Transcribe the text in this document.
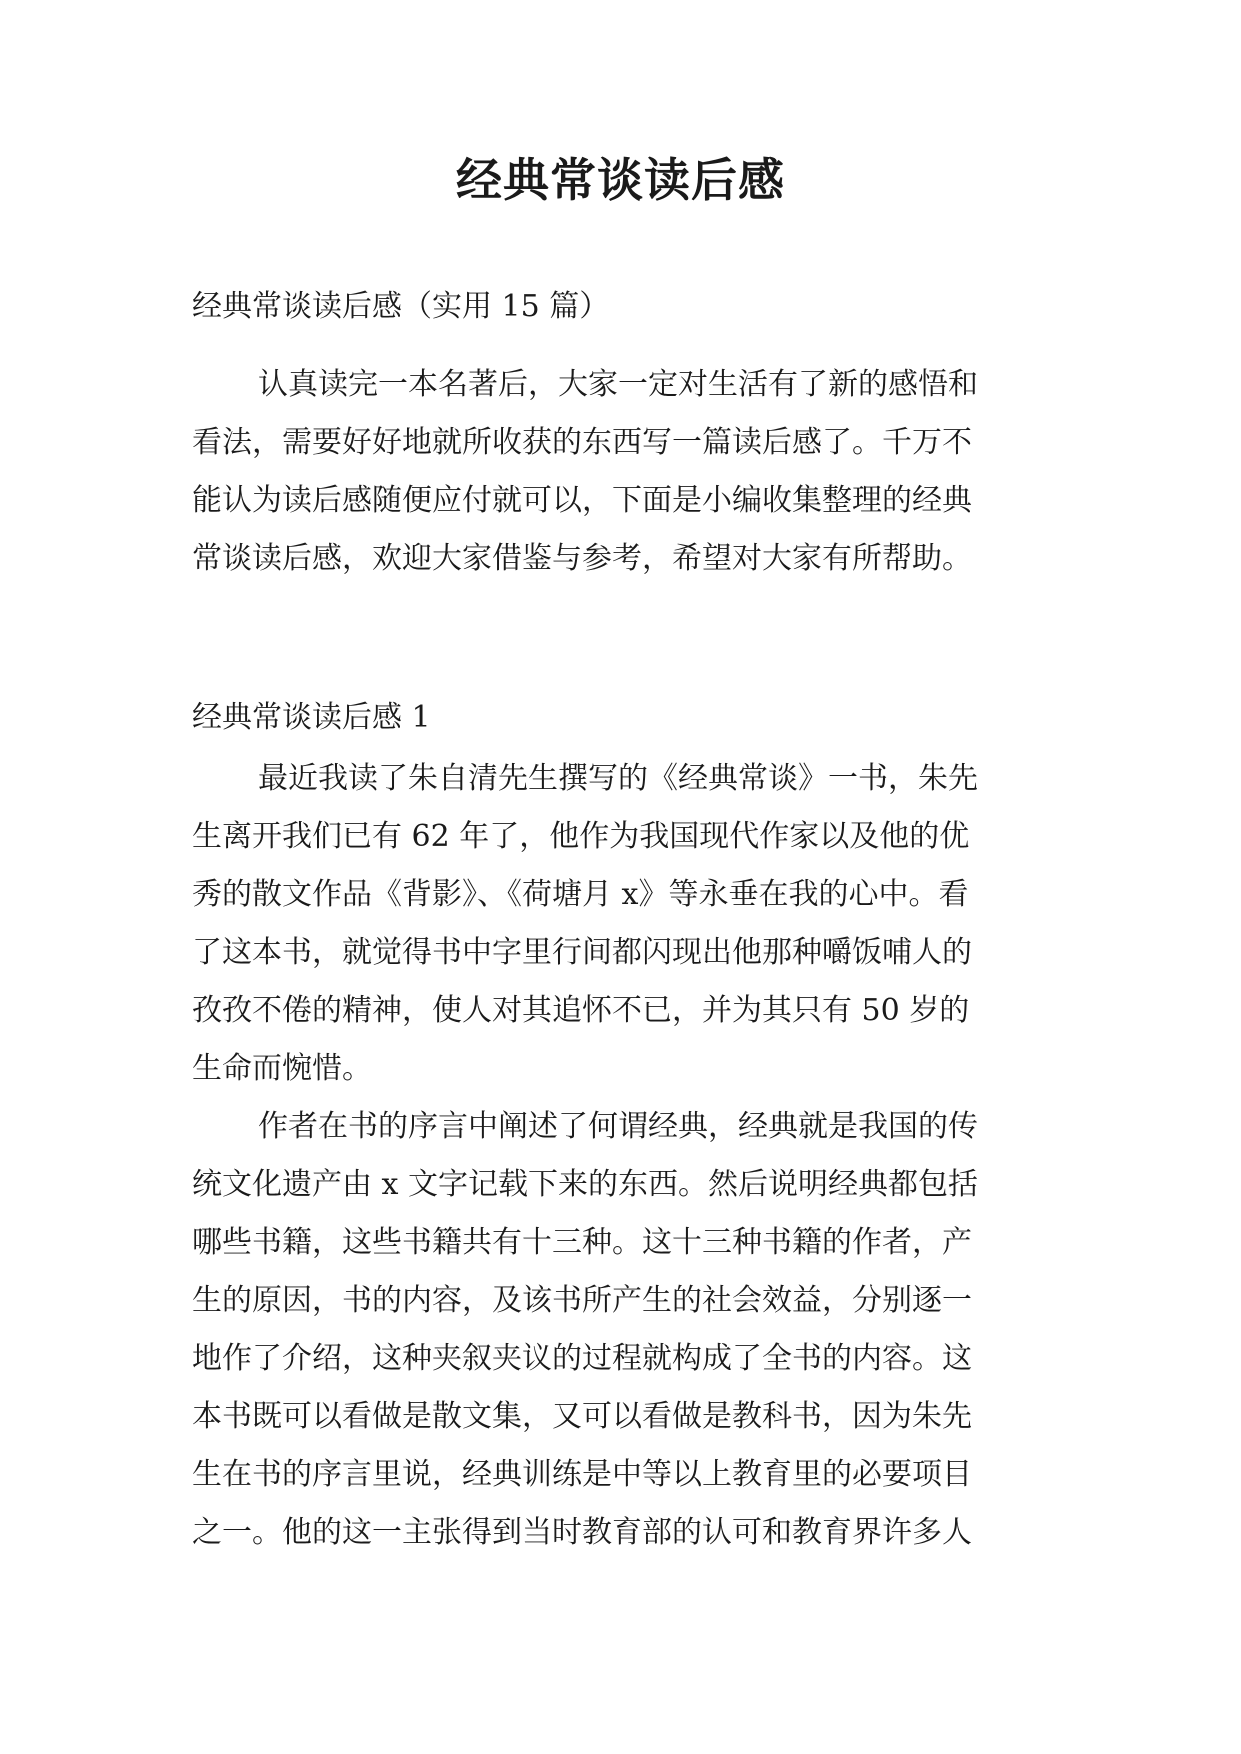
经典常谈读后感

经典常谈读后感（实用 15 篇）

认真读完一本名著后，大家一定对生活有了新的感悟和
看法，需要好好地就所收获的东西写一篇读后感了。千万不
能认为读后感随便应付就可以，下面是小编收集整理的经典
常谈读后感，欢迎大家借鉴与参考，希望对大家有所帮助。

经典常谈读后感 1

最近我读了朱自清先生撰写的《经典常谈》一书，朱先
生离开我们已有 62 年了，他作为我国现代作家以及他的优
秀的散文作品《背影》、《荷塘月 x》等永垂在我的心中。看
了这本书，就觉得书中字里行间都闪现出他那种嚼饭哺人的
孜孜不倦的精神，使人对其追怀不已，并为其只有 50 岁的
生命而惋惜。
作者在书的序言中阐述了何谓经典，经典就是我国的传
统文化遗产由 x 文字记载下来的东西。然后说明经典都包括
哪些书籍，这些书籍共有十三种。这十三种书籍的作者，产
生的原因，书的内容，及该书所产生的社会效益，分别逐一
地作了介绍，这种夹叙夹议的过程就构成了全书的内容。这
本书既可以看做是散文集，又可以看做是教科书，因为朱先
生在书的序言里说，经典训练是中等以上教育里的必要项目
之一。他的这一主张得到当时教育部的认可和教育界许多人
